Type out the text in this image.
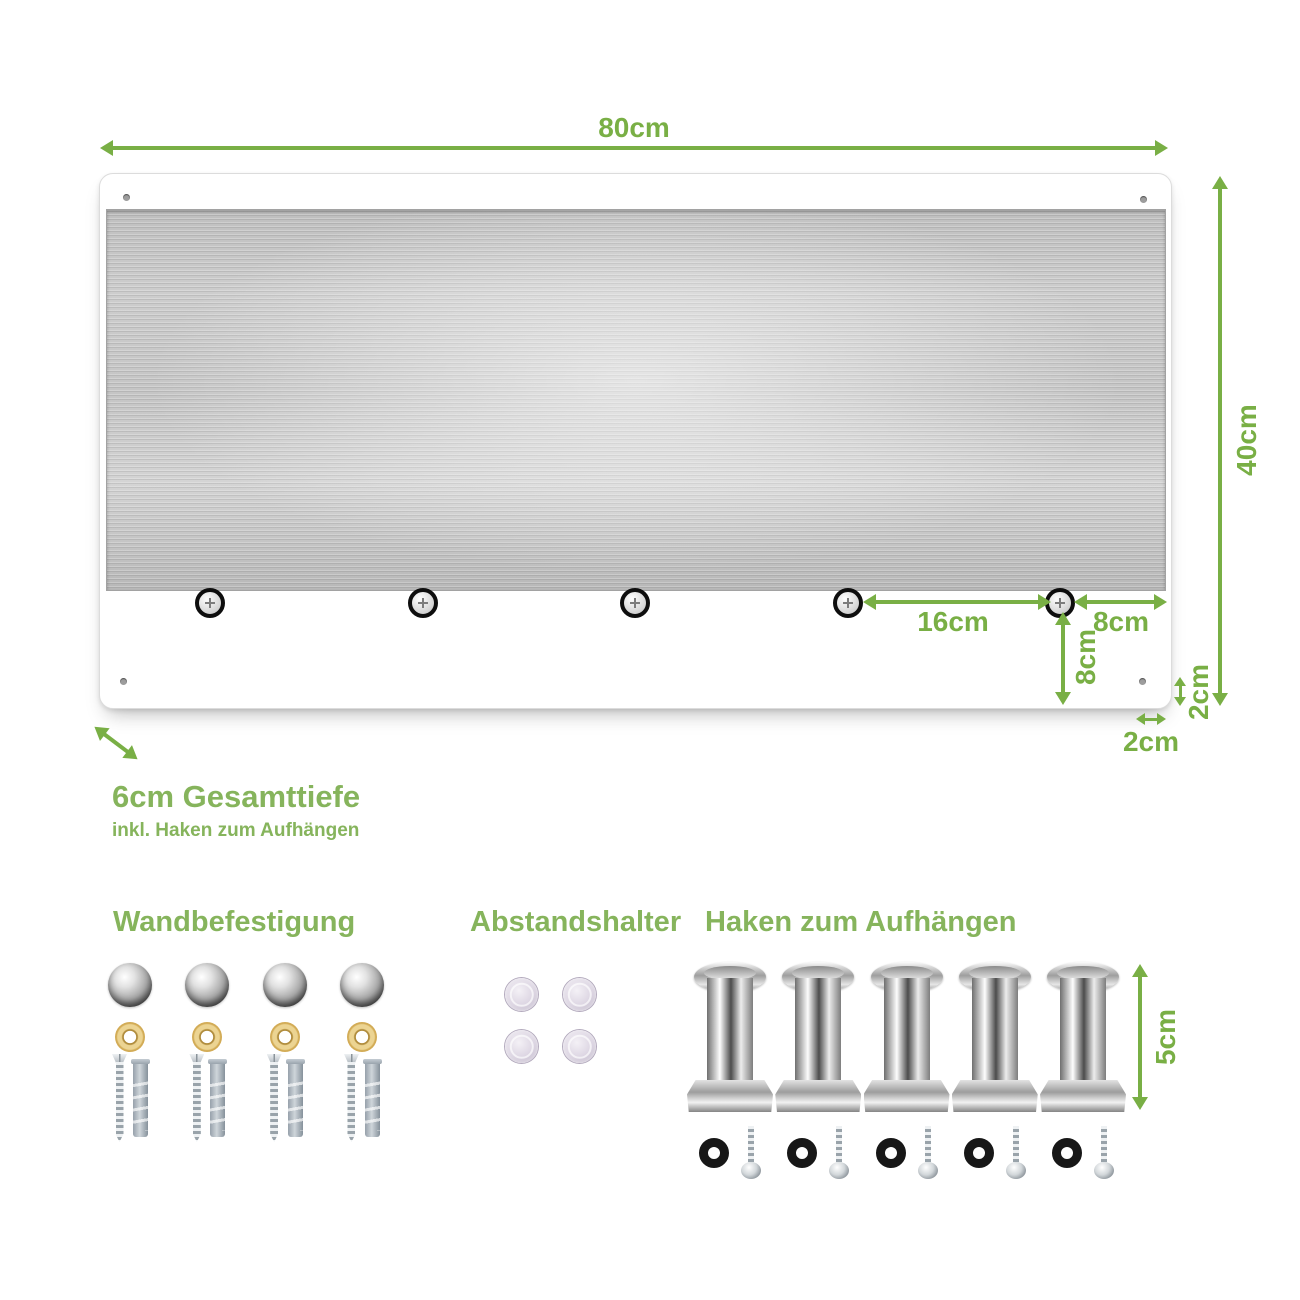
80cm
40cm
16cm	8cm
8cm
2cm
2cm
6cm Gesamttiefe
inkl. Haken zum Aufhängen
Wandbefestigung	Abstandshalter Haken zum Aufhängen
5cm
